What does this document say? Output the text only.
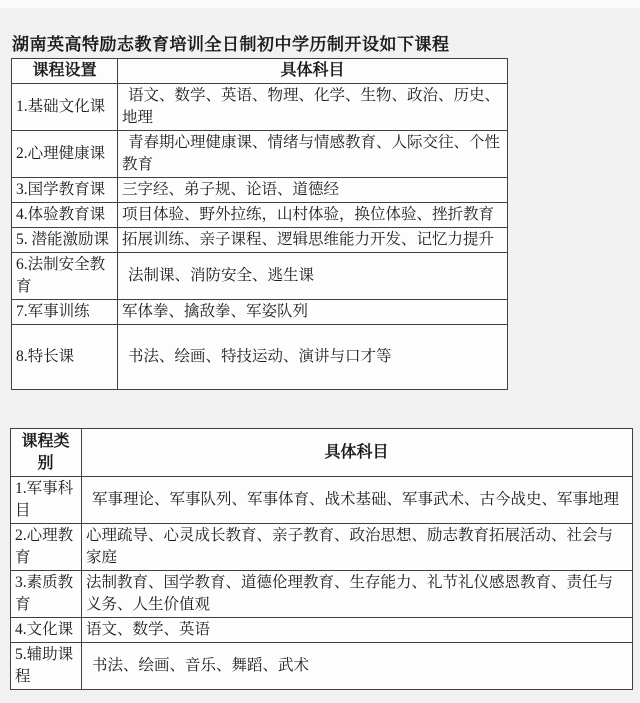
湖南英高特励志教育培训全日制初中学历制开设如下课程
课程设置	具体科目
1.基础文化课	语文、数学、英语、物理、化学、生物、政治、历史、地理
2.心理健康课	青春期心理健康课、情绪与情感教育、人际交往、个性教育
3.国学教育课	三字经、弟子规、论语、道德经
4.体验教育课	项目体验、野外拉练，山村体验，换位体验、挫折教育
5. 潜能激励课	拓展训练、亲子课程、逻辑思维能力开发、记忆力提升
6.法制安全教育	法制课、消防安全、逃生课
7.军事训练	军体拳、擒敌拳、军姿队列
8.特长课	书法、绘画、特技运动、演讲与口才等
课程类别	具体科目
1.军事科目	军事理论、军事队列、军事体育、战术基础、军事武术、古今战史、军事地理
2.心理教育	心理疏导、心灵成长教育、亲子教育、政治思想、励志教育拓展活动、社会与家庭
3.素质教育	法制教育、国学教育、道德伦理教育、生存能力、礼节礼仪感恩教育、责任与义务、人生价值观
4.文化课	语文、数学、英语
5.辅助课程	书法、绘画、音乐、舞蹈、武术
